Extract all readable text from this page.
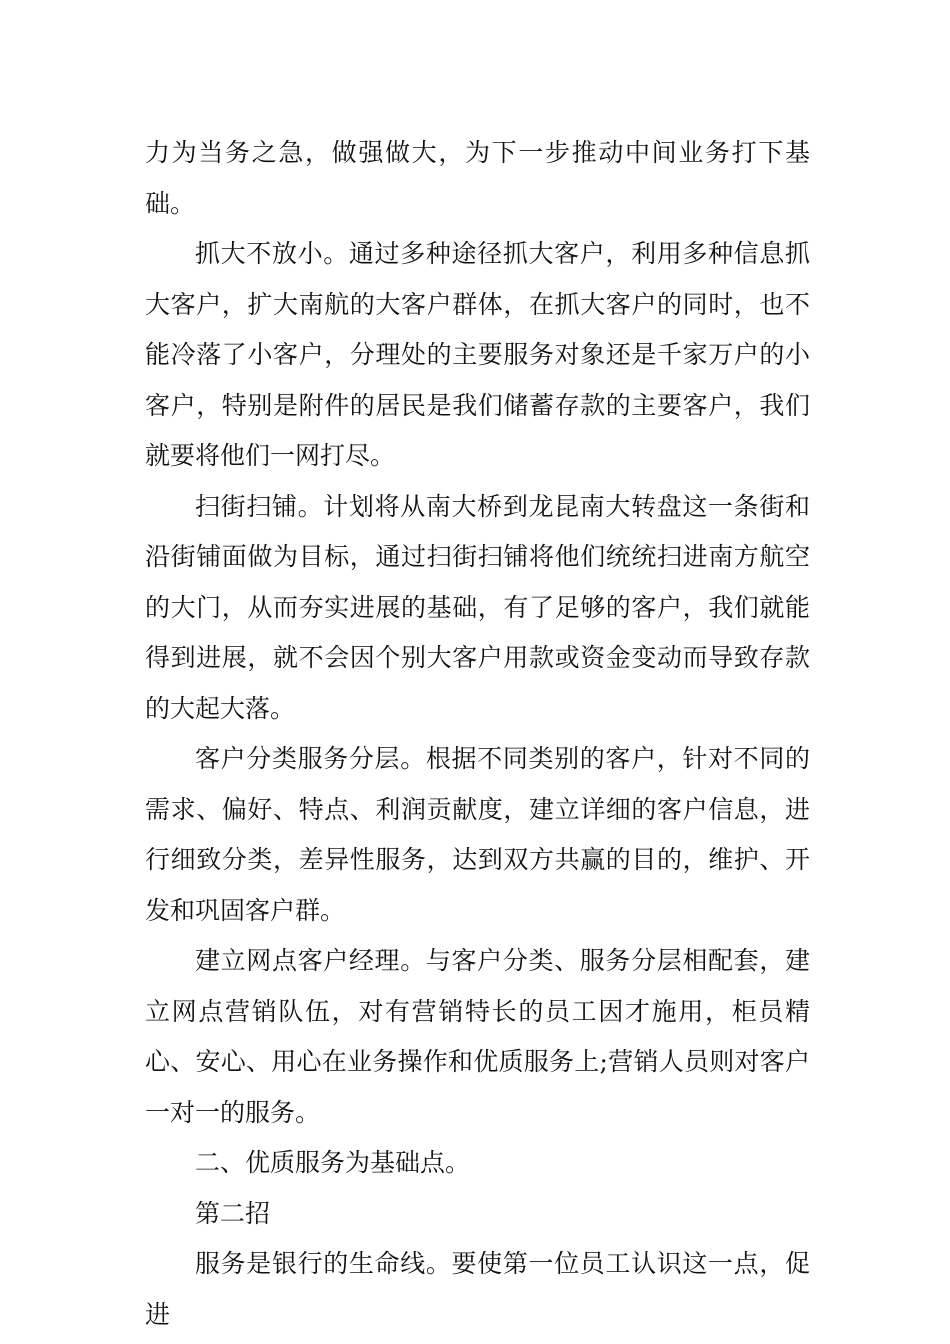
力为当务之急，做强做大，为下一步推动中间业务打下基础。

抓大不放小。通过多种途径抓大客户，利用多种信息抓大客户，扩大南航的大客户群体，在抓大客户的同时，也不能冷落了小客户，分理处的主要服务对象还是千家万户的小客户，特别是附件的居民是我们储蓄存款的主要客户，我们就要将他们一网打尽。

扫街扫铺。计划将从南大桥到龙昆南大转盘这一条街和沿街铺面做为目标，通过扫街扫铺将他们统统扫进南方航空的大门，从而夯实进展的基础，有了足够的客户，我们就能得到进展，就不会因个别大客户用款或资金变动而导致存款的大起大落。

客户分类服务分层。根据不同类别的客户，针对不同的需求、偏好、特点、利润贡献度，建立详细的客户信息，进行细致分类，差异性服务，达到双方共赢的目的，维护、开发和巩固客户群。

建立网点客户经理。与客户分类、服务分层相配套，建立网点营销队伍，对有营销特长的员工因才施用，柜员精心、安心、用心在业务操作和优质服务上;营销人员则对客户一对一的服务。

二、优质服务为基础点。

第二招

服务是银行的生命线。要使第一位员工认识这一点，促进
